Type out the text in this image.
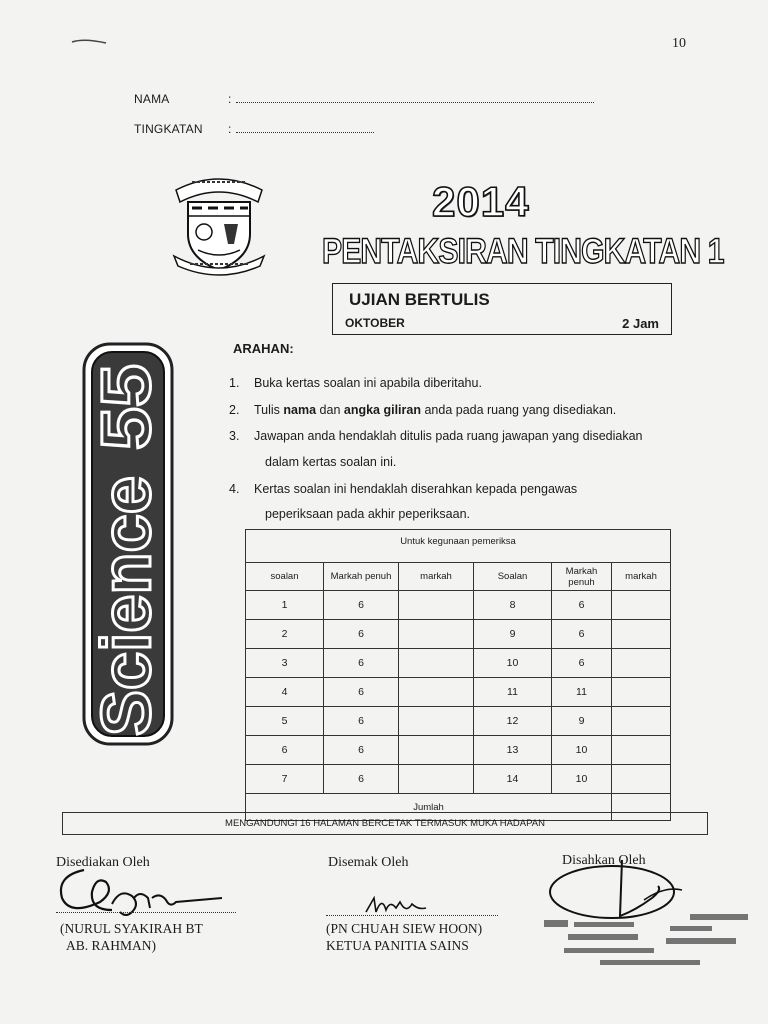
10
NAMA	:
TINGKATAN :
2014
PENTAKSIRAN TINGKATAN 1
UJIAN BERTULIS
OKTOBER	2 Jam
Science
55
ARAHAN:
1. Buka kertas soalan ini apabila diberitahu.
2. Tulis nama dan angka giliran anda pada ruang yang disediakan.
3. Jawapan anda hendaklah ditulis pada ruang jawapan yang disediakan
dalam kertas soalan ini.
4. Kertas soalan ini hendaklah diserahkan kepada pengawas
peperiksaan pada akhir peperiksaan.
Untuk kegunaan pemeriksa					
soalan	Markah penuh	markah	Soalan	Markah penuh	markah
1	6		8	6	
2	6		9	6	
3	6		10	6	
4	6		11	11	
5	6		12	9	
6	6		13	10	
7	6		14	10	
Jumlah					
MENGANDUNGI 16 HALAMAN BERCETAK TERMASUK MUKA HADAPAN
Disediakan Oleh	Disemak Oleh	Disahkan Oleh
(NURUL SYAKIRAH BT
AB. RAHMAN)
(PN CHUAH SIEW HOON)
KETUA PANITIA SAINS
